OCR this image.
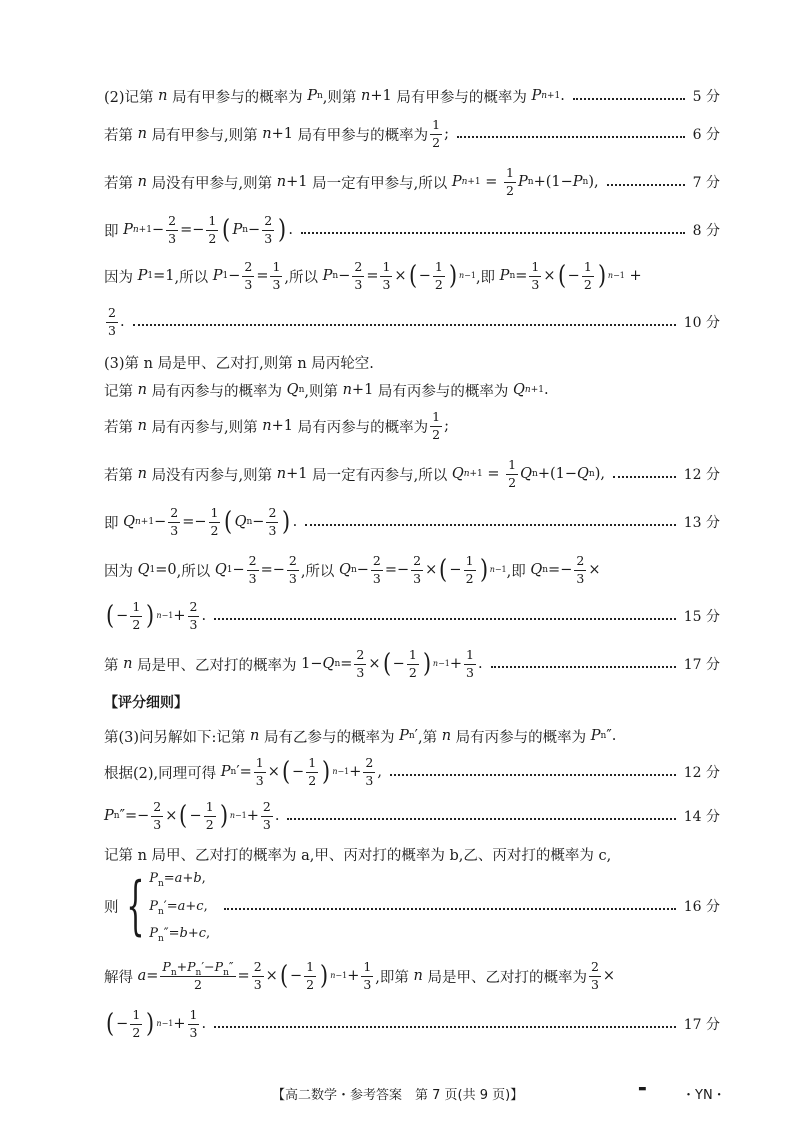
(2)记第
n
局有甲参与的概率为
P n ,则第
n +1 局有甲参与的概率为
P n+1 .	5 分
若第
n
局有甲参与,则第
n +1 局有甲参与的概率为
1
2 ;	6 分
若第
n
局没有甲参与,则第
n +1 局一定有甲参与,所以
P n+1 =
1
2 P n +(1− P n ),	7 分
即
P n+1 −
2
3 =−
1
2 ( P n −
2
3 ) .	8 分
因为
P 1 =1 ,所以
P 1 −
2
3 =
1
3 ,所以
P n −
2
3 =
1
3 × ( −
1
2 ) n−1 ,即
P n =
1
3 × ( −
1
2 ) n−1 +
2
3 .	10 分
(3)第 n 局是甲、乙对打,则第 n 局丙轮空.
记第
n
局有丙参与的概率为
Q n ,则第
n +1 局有丙参与的概率为
Q n+1 .
若第
n
局有丙参与,则第
n +1 局有丙参与的概率为
1
2 ;
若第
n
局没有丙参与,则第
n +1 局一定有丙参与,所以
Q n+1 =
1
2 Q n +(1− Q n ),	12 分
即
Q n+1 −
2
3 =−
1
2 ( Q n −
2
3 ) .	13 分
因为
Q 1 =0 ,所以
Q 1 −
2
3 =−
2
3 ,所以
Q n −
2
3 =−
2
3 × ( −
1
2 ) n−1 ,即
Q n =−
2
3 ×
( −
1
2 ) n−1 +
2
3 .	15 分
第
n
局是甲、乙对打的概率为 1− Q n =
2
3 × ( −
1
2 ) n−1 +
1
3 .	17 分
【评分细则】
第(3)问另解如下:记第
n
局有乙参与的概率为
P n ′ ,第
n
局有丙参与的概率为
P n ″.
根据(2),同理可得
P n ′=
1
3 × ( −
1
2 ) n−1 +
2
3 ,	12 分
P n ″=−
2
3 × ( −
1
2 ) n−1 +
2
3 .	14 分
记第 n 局甲、乙对打的概率为 a,甲、丙对打的概率为 b,乙、丙对打的概率为 c,
则 { $P_n=a+b$,
$P_n'=a+c$,
$P_n''=b+c$,
16 分
解得
a =
$P_n+P_n'-P_n''$
2 =
2
3 × ( −
1
2 ) n−1 +
1
3 ,即第
n
局是甲、乙对打的概率为
2
3 ×
( −
1
2 ) n−1 +
1
3 .	17 分
【高二数学・参考答案　第 7 页(共 9 页)】	▬	・YN・
